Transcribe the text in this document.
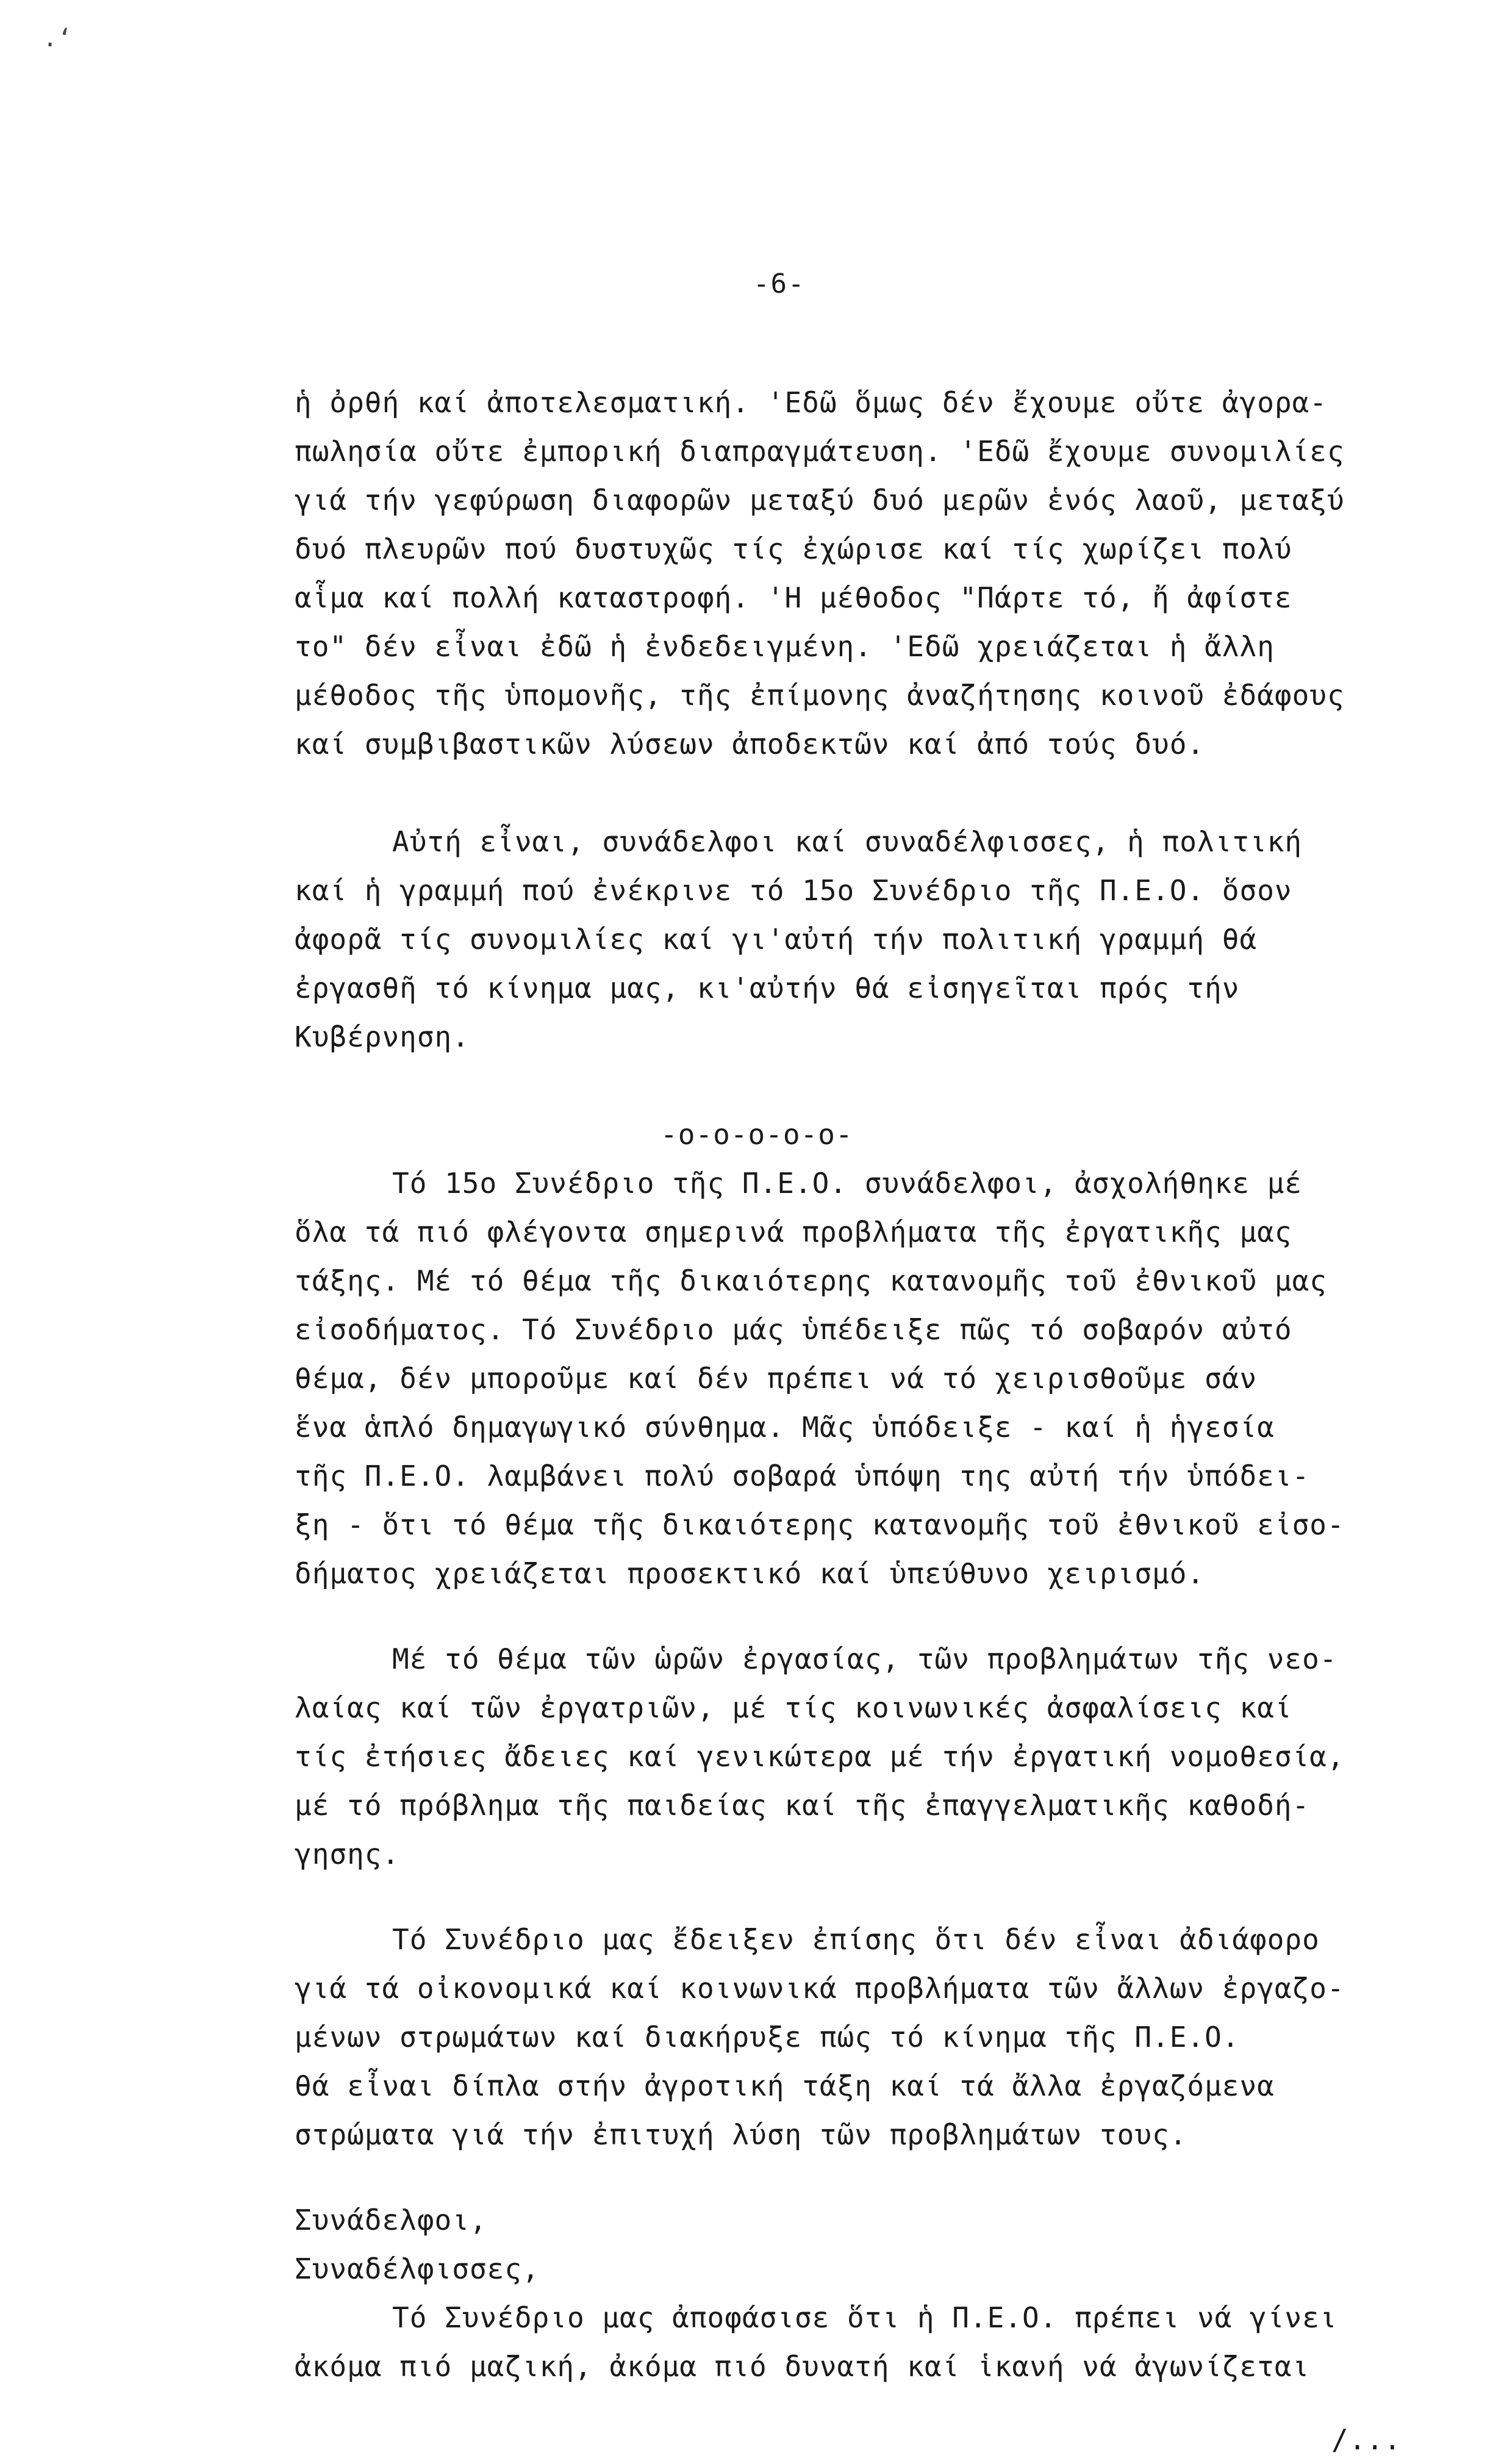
.‘
-6-
ἡ ὀρθή καί ἀποτελεσματική. 'Εδῶ ὅμως δέν ἔχουμε οὔτε ἀγορα-
πωλησία οὔτε ἐμπορική διαπραγμάτευση. 'Εδῶ ἔχουμε συνομιλίες
γιά τήν γεφύρωση διαφορῶν μεταξύ δυό μερῶν ἑνός λαοῦ, μεταξύ
δυό πλευρῶν πού δυστυχῶς τίς ἐχώρισε καί τίς χωρίζει πολύ
αἷμα καί πολλή καταστροφή. 'Η μέθοδος "Πάρτε τό, ἤ ἀφίστε
το" δέν εἶναι ἐδῶ ἡ ἐνδεδειγμένη. 'Εδῶ χρειάζεται ἡ ἄλλη
μέθοδος τῆς ὑπομονῆς, τῆς ἐπίμονης ἀναζήτησης κοινοῦ ἐδάφους
καί συμβιβαστικῶν λύσεων ἀποδεκτῶν καί ἀπό τούς δυό.
Αὐτή εἶναι, συνάδελφοι καί συναδέλφισσες, ἡ πολιτική
καί ἡ γραμμή πού ἐνέκρινε τό 15ο Συνέδριο τῆς Π.Ε.Ο. ὅσον
ἀφορᾶ τίς συνομιλίες καί γι'αὐτή τήν πολιτική γραμμή θά
ἐργασθῆ τό κίνημα μας, κι'αὐτήν θά εἰσηγεῖται πρός τήν
Κυβέρνηση.
-ο-ο-ο-ο-ο-
Τό 15ο Συνέδριο τῆς Π.Ε.Ο. συνάδελφοι, ἀσχολήθηκε μέ
ὅλα τά πιό φλέγοντα σημερινά προβλήματα τῆς ἐργατικῆς μας
τάξης. Μέ τό θέμα τῆς δικαιότερης κατανομῆς τοῦ ἐθνικοῦ μας
εἰσοδήματος. Τό Συνέδριο μάς ὑπέδειξε πῶς τό σοβαρόν αὐτό
θέμα, δέν μποροῦμε καί δέν πρέπει νά τό χειρισθοῦμε σάν
ἕνα ἁπλό δημαγωγικό σύνθημα. Μᾶς ὑπόδειξε - καί ἡ ἡγεσία
τῆς Π.Ε.Ο. λαμβάνει πολύ σοβαρά ὑπόψη της αὐτή τήν ὑπόδει-
ξη - ὅτι τό θέμα τῆς δικαιότερης κατανομῆς τοῦ ἐθνικοῦ εἰσο-
δήματος χρειάζεται προσεκτικό καί ὑπεύθυνο χειρισμό.
Μέ τό θέμα τῶν ὡρῶν ἐργασίας, τῶν προβλημάτων τῆς νεο-
λαίας καί τῶν ἐργατριῶν, μέ τίς κοινωνικές ἀσφαλίσεις καί
τίς ἐτήσιες ἄδειες καί γενικώτερα μέ τήν ἐργατική νομοθεσία,
μέ τό πρόβλημα τῆς παιδείας καί τῆς ἐπαγγελματικῆς καθοδή-
γησης.
Τό Συνέδριο μας ἔδειξεν ἐπίσης ὅτι δέν εἶναι ἀδιάφορο
γιά τά οἰκονομικά καί κοινωνικά προβλήματα τῶν ἄλλων ἐργαζο-
μένων στρωμάτων καί διακήρυξε πώς τό κίνημα τῆς Π.Ε.Ο.
θά εἶναι δίπλα στήν ἀγροτική τάξη καί τά ἄλλα ἐργαζόμενα
στρώματα γιά τήν ἐπιτυχή λύση τῶν προβλημάτων τους.
Συνάδελφοι,
Συναδέλφισσες,
Τό Συνέδριο μας ἀποφάσισε ὅτι ἡ Π.Ε.Ο. πρέπει νά γίνει
ἀκόμα πιό μαζική, ἀκόμα πιό δυνατή καί ἱκανή νά ἀγωνίζεται
/...
